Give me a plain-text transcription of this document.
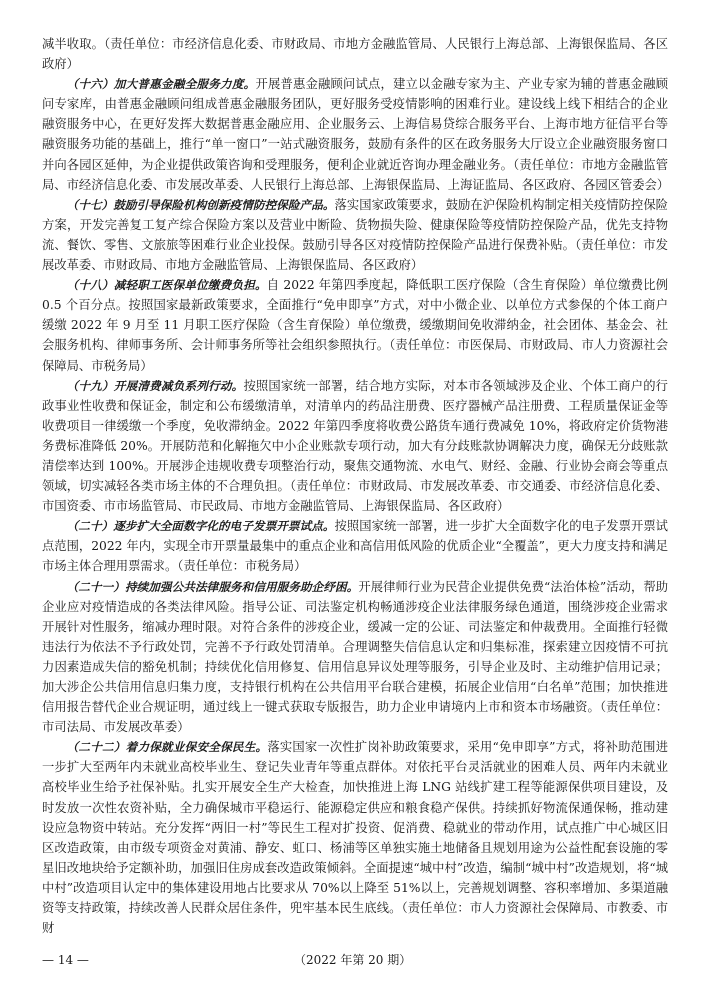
减半收取。（责任单位：市经济信息化委、市财政局、市地方金融监管局、人民银行上海总部、上海银保监局、各区政府）

（十六）加大普惠金融全服务力度。开展普惠金融顾问试点，建立以金融专家为主、产业专家为辅的普惠金融顾问专家库，由普惠金融顾问组成普惠金融服务团队，更好服务受疫情影响的困难行业。建设线上线下相结合的企业融资服务中心，在更好发挥大数据普惠金融应用、企业服务云、上海信易贷综合服务平台、上海市地方征信平台等融资服务功能的基础上，推行“单一窗口”一站式融资服务，鼓励有条件的区在政务服务大厅设立企业融资服务窗口并向各园区延伸，为企业提供政策咨询和受理服务，便利企业就近咨询办理金融业务。（责任单位：市地方金融监管局、市经济信息化委、市发展改革委、人民银行上海总部、上海银保监局、上海证监局、各区政府、各园区管委会）

（十七）鼓励引导保险机构创新疫情防控保险产品。落实国家政策要求，鼓励在沪保险机构制定相关疫情防控保险方案，开发完善复工复产综合保险方案以及营业中断险、货物损失险、健康保险等疫情防控保险产品，优先支持物流、餐饮、零售、文旅旅等困难行业企业投保。鼓励引导各区对疫情防控保险产品进行保费补贴。（责任单位：市发展改革委、市财政局、市地方金融监管局、上海银保监局、各区政府）

（十八）减轻职工医保单位缴费负担。自 2022 年第四季度起，降低职工医疗保险（含生育保险）单位缴费比例 0.5 个百分点。按照国家最新政策要求，全面推行“免申即享”方式，对中小微企业、以单位方式参保的个体工商户缓缴 2022 年 9 月至 11 月职工医疗保险（含生育保险）单位缴费，缓缴期间免收滞纳金，社会团体、基金会、社会服务机构、律师事务所、会计师事务所等社会组织参照执行。（责任单位：市医保局、市财政局、市人力资源社会保障局、市税务局）

（十九）开展清费减负系列行动。按照国家统一部署，结合地方实际，对本市各领域涉及企业、个体工商户的行政事业性收费和保证金，制定和公布缓缴清单，对清单内的药品注册费、医疗器械产品注册费、工程质量保证金等收费项目一律缓缴一个季度，免收滞纳金。2022 年第四季度将收费公路货车通行费减免 10%，将政府定价货物港务费标准降低 20%。开展防范和化解拖欠中小企业账款专项行动，加大有分歧账款协调解决力度，确保无分歧账款清偿率达到 100%。开展涉企违规收费专项整治行动，聚焦交通物流、水电气、财经、金融、行业协会商会等重点领域，切实减轻各类市场主体的不合理负担。（责任单位：市财政局、市发展改革委、市交通委、市经济信息化委、市国资委、市市场监管局、市民政局、市地方金融监管局、上海银保监局、各区政府）

（二十）逐步扩大全面数字化的电子发票开票试点。按照国家统一部署，进一步扩大全面数字化的电子发票开票试点范围，2022 年内，实现全市开票量最集中的重点企业和高信用低风险的优质企业“全覆盖”，更大力度支持和满足市场主体合理用票需求。（责任单位：市税务局）

（二十一）持续加强公共法律服务和信用服务助企纾困。开展律师行业为民营企业提供免费“法治体检”活动，帮助企业应对疫情造成的各类法律风险。指导公证、司法鉴定机构畅通涉疫企业法律服务绿色通道，围绕涉疫企业需求开展针对性服务，缩减办理时限。对符合条件的涉疫企业，缓减一定的公证、司法鉴定和仲裁费用。全面推行轻微违法行为依法不予行政处罚，完善不予行政处罚清单。合理调整失信信息认定和归集标准，探索建立因疫情不可抗力因素造成失信的豁免机制；持续优化信用修复、信用信息异议处理等服务，引导企业及时、主动维护信用记录；加大涉企公共信用信息归集力度，支持银行机构在公共信用平台联合建模，拓展企业信用“白名单”范围；加快推进信用报告替代企业合规证明，通过线上一键式获取专版报告，助力企业申请境内上市和资本市场融资。（责任单位：市司法局、市发展改革委）

（二十二）着力保就业保安全保民生。落实国家一次性扩岗补助政策要求，采用“免申即享”方式，将补助范围进一步扩大至两年内未就业高校毕业生、登记失业青年等重点群体。对依托平台灵活就业的困难人员、两年内未就业高校毕业生给予社保补贴。扎实开展安全生产大检查，加快推进上海 LNG 站线扩建工程等能源保供项目建设，及时发放一次性农资补贴，全力确保城市平稳运行、能源稳定供应和粮食稳产保供。持续抓好物流保通保畅，推动建设应急物资中转站。充分发挥“两旧一村”等民生工程对扩投资、促消费、稳就业的带动作用，试点推广中心城区旧区改造政策，由市级专项资金对黄浦、静安、虹口、杨浦等区单独实施土地储备且规划用途为公益性配套设施的零星旧改地块给予定额补助，加强旧住房成套改造政策倾斜。全面提速“城中村”改造，编制“城中村”改造规划，将“城中村”改造项目认定中的集体建设用地占比要求从 70%以上降至 51%以上，完善规划调整、容积率增加、多渠道融资等支持政策，持续改善人民群众居住条件，兜牢基本民生底线。（责任单位：市人力资源社会保障局、市教委、市财

— 14 —	（2022 年第 20 期）
